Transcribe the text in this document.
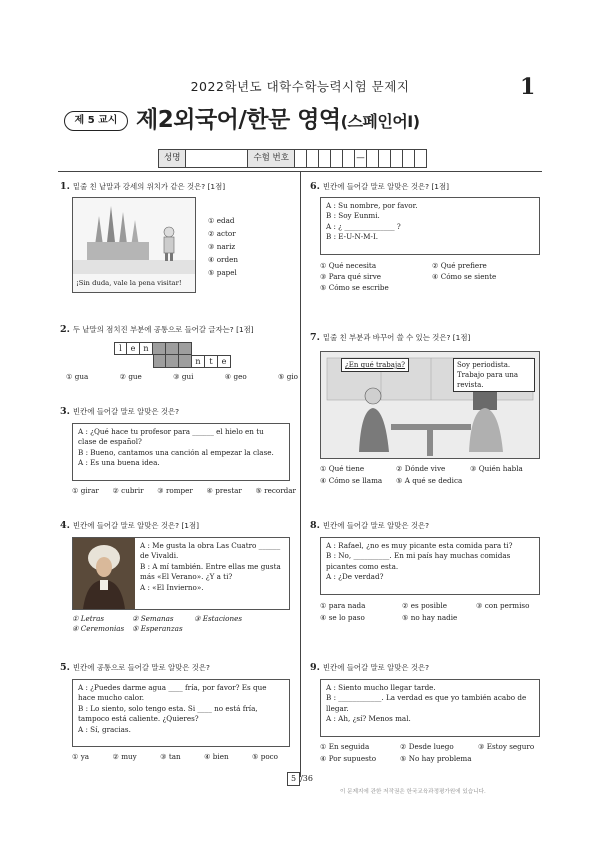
2022학년도 대학수학능력시험 문제지	1
제 5 교시 제2외국어/한문 영역(스페인어Ⅰ)
성명	수험 번호	—
1. 밑줄 친 낱말과 강세의 위치가 같은 것은? [1점]
¡Sin duda, vale la pena visitar!
① edad
② actor
③ nariz
④ orden
⑤ papel
2. 두 낱말의 점치진 부분에 공통으로 들어갈 글자는? [1점]
l	e	n
n	t	e
① gua	② gue	③ gui	④ geo	⑤ gio
3. 빈칸에 들어갈 말로 알맞은 것은?
A : ¿Qué hace tu profesor para ______ el hielo en tu clase de español?
B : Bueno, cantamos una canción al empezar la clase.
A : Es una buena idea.
① girar ② cubrir ③ romper ④ prestar ⑤ recordar
4. 빈칸에 들어갈 말로 알맞은 것은? [1점]
A : Me gusta la obra Las Cuatro ______ de Vivaldi.
B : A mí también. Entre ellas me gusta más «El Verano». ¿Y a ti?
A : «El Invierno».
① Letras	② Semanas	③ Estaciones
④ Ceremonias	⑤ Esperanzas
5. 빈칸에 공통으로 들어갈 말로 알맞은 것은?
A : ¿Puedes darme agua ____ fría, por favor? Es que hace mucho calor.
B : Lo siento, solo tengo esta. Si ____ no está fría, tampoco está caliente. ¿Quieres?
A : Sí, gracias.
① ya	② muy	③ tan	④ bien	⑤ poco
6. 빈칸에 들어갈 말로 알맞은 것은? [1점]
A : Su nombre, por favor.
B : Soy Eunmi.
A : ¿ ______________ ?
B : E-U-N-M-I.
① Qué necesita	② Qué prefiere
③ Para qué sirve	④ Cómo se siente
⑤ Cómo se escribe
7. 밑줄 친 부분과 바꾸어 쓸 수 있는 것은? [1점]
¿En qué trabaja?	Soy periodista. Trabajo para una revista.
① Qué tiene	② Dónde vive	③ Quién habla
④ Cómo se llama	⑤ A qué se dedica
8. 빈칸에 들어갈 말로 알맞은 것은?
A : Rafael, ¿no es muy picante esta comida para ti?
B : No, __________. En mi país hay muchas comidas picantes como esta.
A : ¿De verdad?
① para nada	② es posible	③ con permiso
④ se lo paso	⑤ no hay nadie
9. 빈칸에 들어갈 말로 알맞은 것은?
A : Siento mucho llegar tarde.
B : ____________. La verdad es que yo también acabo de llegar.
A : Ah, ¿sí? Menos mal.
① En seguida	② Desde luego	③ Estoy seguro
④ Por supuesto	⑤ No hay problema
5 /36
이 문제지에 관한 저작권은 한국교육과정평가원에 있습니다.
